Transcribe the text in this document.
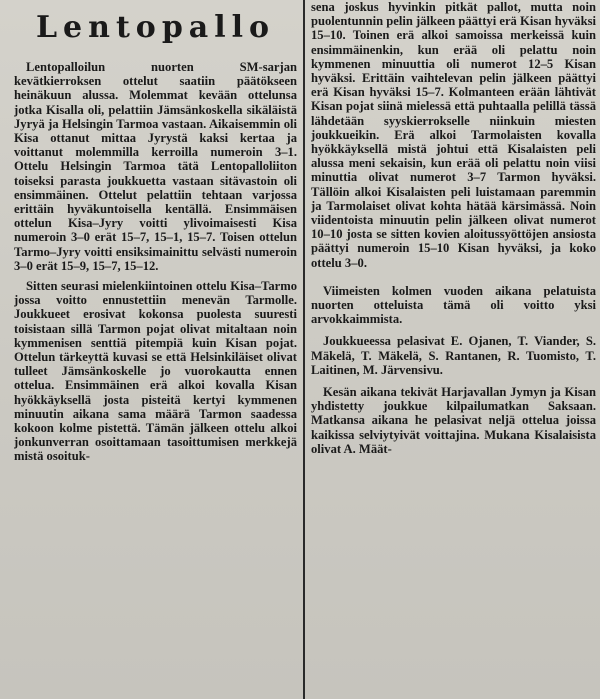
Lentopallo

Lentopalloilun nuorten SM-sarjan kevätkierroksen ottelut saatiin päätökseen heinäkuun alussa. Molemmat kevään ottelunsa jotka Kisalla oli, pelattiin Jämsänkoskella sikäläistä Jyryä ja Helsingin Tarmoa vastaan. Aikaisemmin oli Kisa ottanut mittaa Jyrystä kaksi kertaa ja voittanut molemmilla kerroilla numeroin 3–1. Ottelu Helsingin Tarmoa tätä Lentopalloliiton toiseksi parasta joukkuetta vastaan sitävastoin oli ensimmäinen. Ottelut pelattiin tehtaan varjossa erittäin hyväkuntoisella kentällä. Ensimmäisen ottelun Kisa–Jyry voitti ylivoimaisesti Kisa numeroin 3–0 erät 15–7, 15–1, 15–7. Toisen ottelun Tarmo–Jyry voitti ensiksimainittu selvästi numeroin 3–0 erät 15–9, 15–7, 15–12.

Sitten seurasi mielenkiintoinen ottelu Kisa–Tarmo jossa voitto ennustettiin menevän Tarmolle. Joukkueet erosivat kokonsa puolesta suuresti toisistaan sillä Tarmon pojat olivat mitaltaan noin kymmenisen senttiä pitempiä kuin Kisan pojat. Ottelun tärkeyttä kuvasi se että Helsinkiläiset olivat tulleet Jämsänkoskelle jo vuorokautta ennen ottelua. Ensimmäinen erä alkoi kovalla Kisan hyökkäyksellä josta pisteitä kertyi kymmenen minuutin aikana sama määrä Tarmon saadessa kokoon kolme pistettä. Tämän jälkeen ottelu alkoi jonkunverran osoittamaan tasoittumisen merkkejä mistä osoituk-

sena joskus hyvinkin pitkät pallot, mutta noin puolentunnin pelin jälkeen päättyi erä Kisan hyväksi 15–10. Toinen erä alkoi samoissa merkeissä kuin ensimmäinenkin, kun erää oli pelattu noin kymmenen minuuttia oli numerot 12–5 Kisan hyväksi. Erittäin vaihtelevan pelin jälkeen päättyi erä Kisan hyväksi 15–7. Kolmanteen erään lähtivät Kisan pojat siinä mielessä että puhtaalla pelillä tässä lähdetään syyskierrokselle niinkuin miesten joukkueikin. Erä alkoi Tarmolaisten kovalla hyökkäyksellä mistä johtui että Kisalaisten peli alussa meni sekaisin, kun erää oli pelattu noin viisi minuttia olivat numerot 3–7 Tarmon hyväksi. Tällöin alkoi Kisalaisten peli luistamaan paremmin ja Tarmolaiset olivat kohta hätää kärsimässä. Noin viidentoista minuutin pelin jälkeen olivat numerot 10–10 josta se sitten kovien aloitussyöttöjen ansiosta päättyi numeroin 15–10 Kisan hyväksi, ja koko ottelu 3–0.

Viimeisten kolmen vuoden aikana pelatuista nuorten otteluista tämä oli voitto yksi arvokkaimmista.

Joukkueessa pelasivat E. Ojanen, T. Viander, S. Mäkelä, T. Mäkelä, S. Rantanen, R. Tuomisto, T. Laitinen, M. Järvensivu.

Kesän aikana tekivät Harjavallan Jymyn ja Kisan yhdistetty joukkue kilpailumatkan Saksaan. Matkansa aikana he pelasivat neljä ottelua joissa kaikissa selviytyivät voittajina. Mukana Kisalaisista olivat A. Määt-
